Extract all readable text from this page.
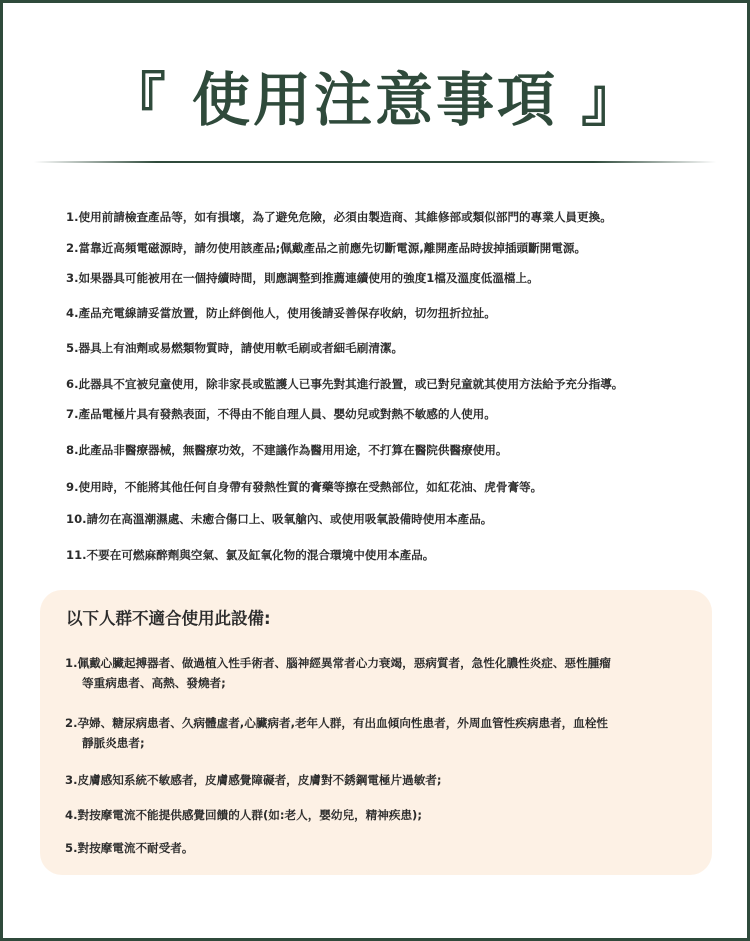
『 使用注意事項 』
1.使用前請檢查產品等，如有損壞，為了避免危險，必須由製造商、其維修部或類似部門的專業人員更換。
2.當靠近高頻電磁源時，請勿使用該產品;佩戴產品之前應先切斷電源,離開產品時拔掉插頭斷開電源。
3.如果器具可能被用在一個持續時間，則應調整到推薦連續使用的強度1檔及溫度低溫檔上。
4.產品充電線請妥當放置，防止絆倒他人，使用後請妥善保存收納，切勿扭折拉扯。
5.器具上有油劑或易燃類物質時，請使用軟毛刷或者細毛刷清潔。
6.此器具不宜被兒童使用，除非家長或監護人已事先對其進行設置，或已對兒童就其使用方法給予充分指導。
7.產品電極片具有發熱表面，不得由不能自理人員、嬰幼兒或對熱不敏感的人使用。
8.此產品非醫療器械，無醫療功效，不建議作為醫用用途，不打算在醫院供醫療使用。
9.使用時，不能將其他任何自身帶有發熱性質的膏藥等擦在受熱部位，如紅花油、虎骨膏等。
10.請勿在高溫潮濕處、未癒合傷口上、吸氧艙內、或使用吸氧設備時使用本產品。
11.不要在可燃麻醉劑與空氣、氯及缸氧化物的混合環境中使用本產品。
以下人群不適合使用此設備:
1.佩戴心臟起搏器者、做過植入性手術者、腦神經異常者心力衰竭，惡病質者，急性化膿性炎症、惡性腫瘤
等重病患者、高熱、發燒者;
2.孕婦、糖尿病患者、久病體虛者,心臟病者,老年人群，有出血傾向性患者，外周血管性疾病患者，血栓性
靜脈炎患者;
3.皮膚感知系統不敏感者，皮膚感覺障礙者，皮膚對不銹鋼電極片過敏者;
4.對按摩電流不能提供感覺回饋的人群(如:老人，嬰幼兒，精神疾患);
5.對按摩電流不耐受者。
